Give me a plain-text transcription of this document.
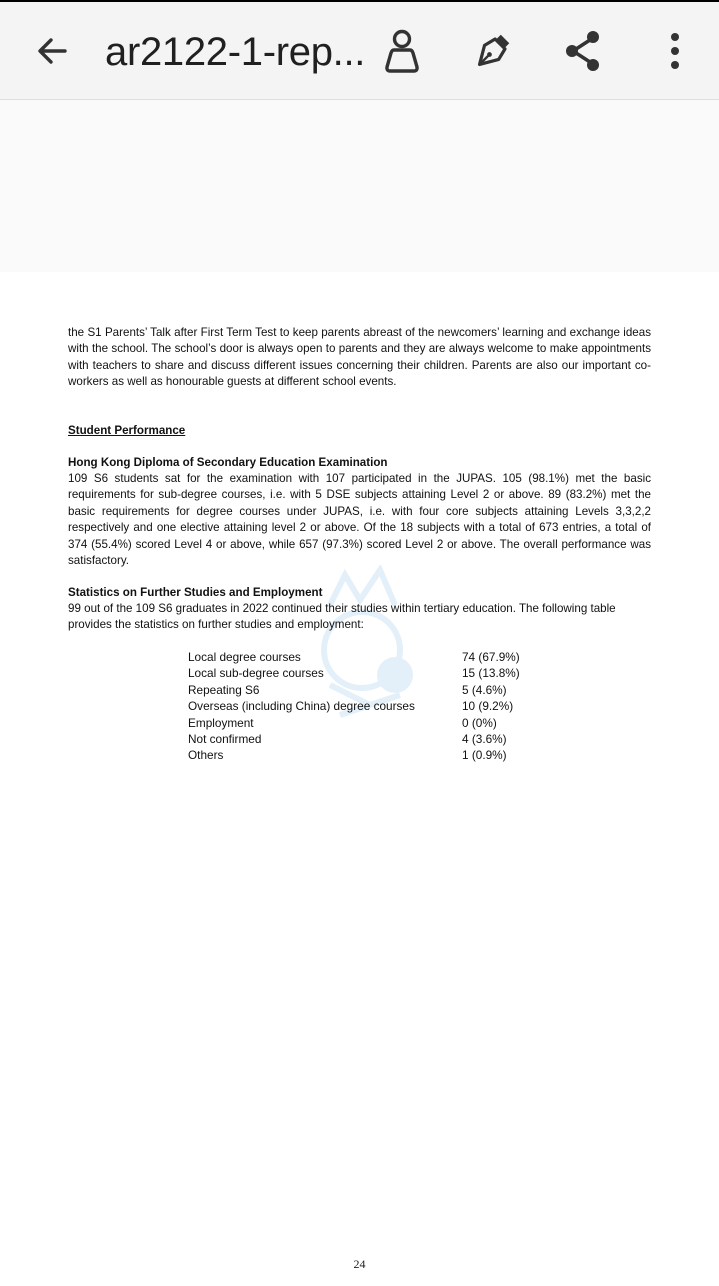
ar2122-1-rep...
the S1 Parents’ Talk after First Term Test to keep parents abreast of the newcomers’ learning and exchange ideas with the school. The school’s door is always open to parents and they are always welcome to make appointments with teachers to share and discuss different issues concerning their children. Parents are also our important co-workers as well as honourable guests at different school events.
Student Performance
Hong Kong Diploma of Secondary Education Examination
109 S6 students sat for the examination with 107 participated in the JUPAS. 105 (98.1%) met the basic requirements for sub-degree courses, i.e. with 5 DSE subjects attaining Level 2 or above. 89 (83.2%) met the basic requirements for degree courses under JUPAS, i.e. with four core subjects attaining Levels 3,3,2,2 respectively and one elective attaining level 2 or above. Of the 18 subjects with a total of 673 entries, a total of 374 (55.4%) scored Level 4 or above, while 657 (97.3%) scored Level 2 or above. The overall performance was satisfactory.
Statistics on Further Studies and Employment
99 out of the 109 S6 graduates in 2022 continued their studies within tertiary education. The following table provides the statistics on further studies and employment:
Local degree courses	74 (67.9%)
Local sub-degree courses	15 (13.8%)
Repeating S6	5 (4.6%)
Overseas (including China) degree courses	10 (9.2%)
Employment	0 (0%)
Not confirmed	4 (3.6%)
Others	1 (0.9%)
24
